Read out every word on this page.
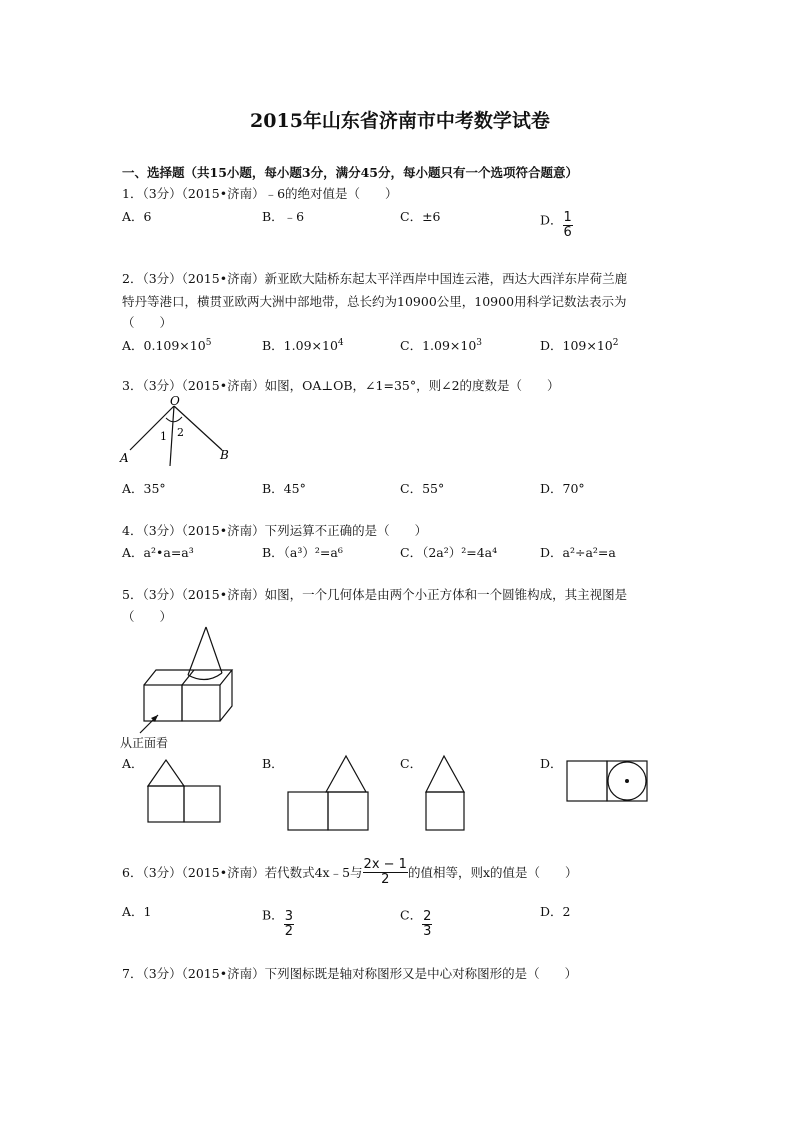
2015年山东省济南市中考数学试卷
一、选择题（共15小题，每小题3分，满分45分，每小题只有一个选项符合题意）
1．（3分）（2015•济南）﹣6的绝对值是（　　）
A．6	B．﹣6	C．±6	D． $\frac{1}{6}$
2．（3分）（2015•济南）新亚欧大陆桥东起太平洋西岸中国连云港，西达大西洋东岸荷兰鹿
特丹等港口，横贯亚欧两大洲中部地带，总长约为10900公里，10900用科学记数法表示为
（　　）
A．$0.109\times 10^5$	B．$1.09\times 10^4$	C．$1.09\times 10^3$	D．$109\times 10^2$
3．（3分）（2015•济南）如图，OA⊥OB，∠1=35°，则∠2的度数是（　　）
O
A	B
1 2
A．35°	B．45°	C．55°	D．70°
4．（3分）（2015•济南）下列运算不正确的是（　　）
A．a²•a=a³	B．（a³）²=a⁶	C．（2a²）²=4a⁴	D．a²÷a²=a
5．（3分）（2015•济南）如图，一个几何体是由两个小正方体和一个圆锥构成，其主视图是
（　　）
从正面看
A．	B．	C．	D．
6．（3分）（2015•济南）若代数式4x﹣5与 $\frac{2x - 1}{2}$ 的值相等，则x的值是（　　）
A．1	B． $\frac{3}{2}$	C． $\frac{2}{3}$	D．2
7．（3分）（2015•济南）下列图标既是轴对称图形又是中心对称图形的是（　　）
